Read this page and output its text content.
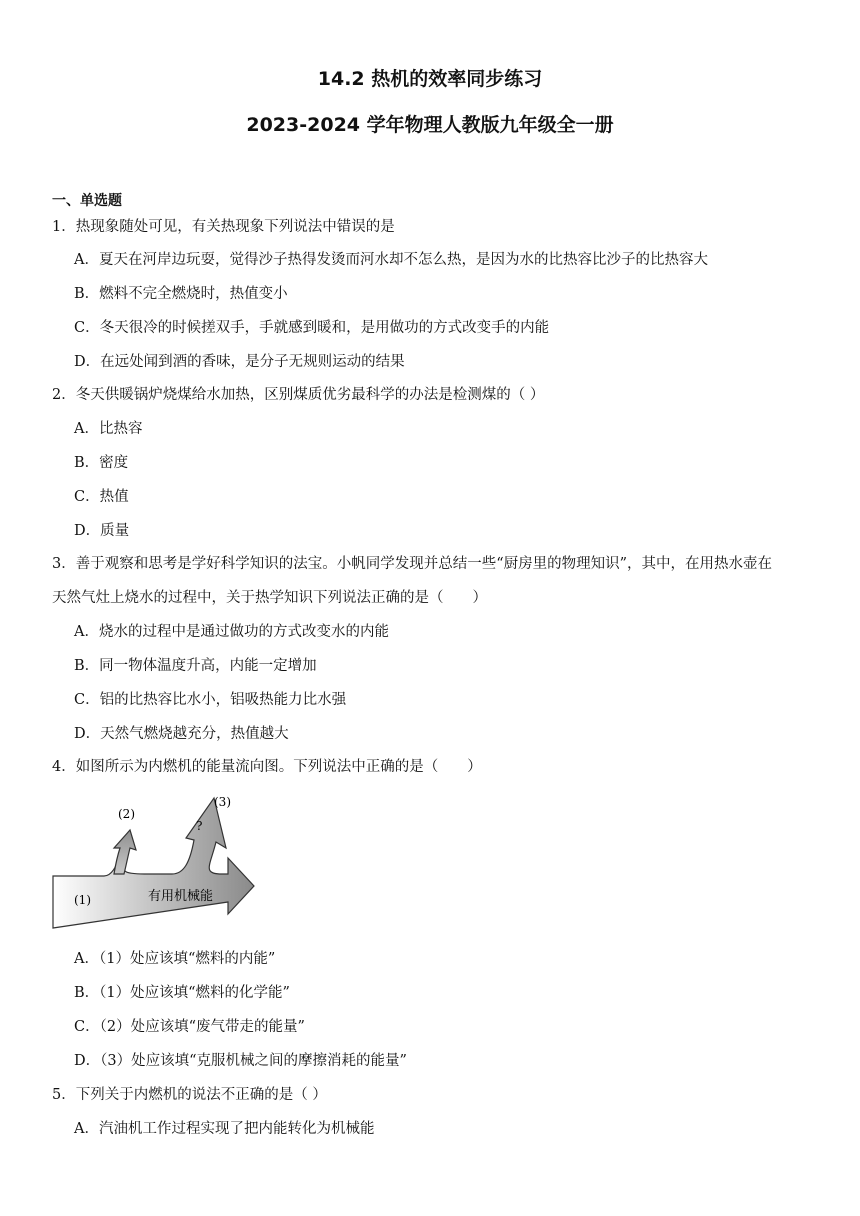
14.2 热机的效率同步练习
2023-2024 学年物理人教版九年级全一册
一、单选题
1．热现象随处可见，有关热现象下列说法中错误的是
A．夏天在河岸边玩耍，觉得沙子热得发烫而河水却不怎么热，是因为水的比热容比沙子的比热容大
B．燃料不完全燃烧时，热值变小
C．冬天很冷的时候搓双手，手就感到暖和，是用做功的方式改变手的内能
D．在远处闻到酒的香味，是分子无规则运动的结果
2．冬天供暖锅炉烧煤给水加热，区别煤质优劣最科学的办法是检测煤的（ ）
A．比热容
B．密度
C．热值
D．质量
3．善于观察和思考是学好科学知识的法宝。小帆同学发现并总结一些“厨房里的物理知识”，其中，在用热水壶在
天然气灶上烧水的过程中，关于热学知识下列说法正确的是（　　）
A．烧水的过程中是通过做功的方式改变水的内能
B．同一物体温度升高，内能一定增加
C．铝的比热容比水小，铝吸热能力比水强
D．天然气燃烧越充分，热值越大
4．如图所示为内燃机的能量流向图。下列说法中正确的是（　　）
(2)
(3)
?
(1)	有用机械能
A．（1）处应该填“燃料的内能”
B．（1）处应该填“燃料的化学能”
C．（2）处应该填“废气带走的能量”
D．（3）处应该填“克服机械之间的摩擦消耗的能量”
5．下列关于内燃机的说法不正确的是（ ）
A．汽油机工作过程实现了把内能转化为机械能
